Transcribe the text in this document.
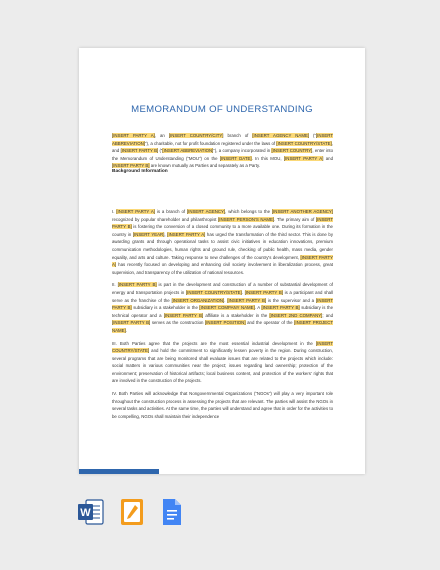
MEMORANDUM OF UNDERSTANDING
[INSERT PARTY A], an [INSERT COUNTRY/CITY] branch of [INSERT AGENCY NAME] (“[INSERT ABBREVIATION]”), a charitable, not for profit foundation registered under the laws of [INSERT COUNTRY/STATE], and [INSERT PARTY B] (“[INSERT ABBREVIATION]”), a company incorporated in [INSERT COUNTRY], enter into the Memorandum of Understanding (“MOU”) on the [INSERT DATE]. In this MOU, [INSERT PARTY A] and [INSERT PARTY B] are known mutually as Parties and separately as a Party.
Background Information

I. [INSERT PARTY A] is a branch of [INSERT AGENCY], which belongs to the [INSERT ANOTHER AGENCY] recognized by popular shareholder and philanthropist [INSERT PERSON'S NAME]. The primary aim of [INSERT PARTY B] is fostering the conversion of a closed community to a more available one. During its formation in the country in [INSERT YEAR], [INSERT PARTY A] has urged the transformation of the third sector. This is done by awarding grants and through operational tasks to assist civic initiatives in education innovations, premium communication methodologies, human rights and ground rule, checking of public health, mass media, gender equality, and arts and culture. Taking response to new challenges of the country's development, [INSERT PARTY A] has recently focused on developing and enhancing civil society involvement in liberalization process, great supervision, and transparency of the utilization of national resources.

II. [INSERT PARTY B] is part in the development and construction of a number of substantial development of energy and transportation projects in [INSERT COUNTRY/STATE]. [INSERT PARTY B] is a participant and shall serve as the franchise of the [INSERT ORGANIZATION]. [INSERT PARTY B] is the supervisor and a [INSERT PARTY B] subsidiary is a stakeholder in the [INSERT COMPANY NAME]. A [INSERT PARTY B] subsidiary is the technical operator and a [INSERT PARTY B] affiliate is a stakeholder in the [INSERT 2ND COMPANY]; and [INSERT PARTY B] serves as the construction [INSERT POSITION] and the operator of the [INSERT PROJECT NAME].

III. Both Parties agree that the projects are the most essential industrial development in the [INSERT COUNTRY/STATE] and hold the commitment to significantly lessen poverty in the region. During construction, several programs that are being monitored shall evaluate issues that are related to the projects which include: social matters in various communities near the project; issues regarding land ownership; protection of the environment; preservation of historical artifacts; local business content, and protection of the workers' rights that are involved in the construction of the projects.

IV. Both Parties will acknowledge that Nongovernmental Organizations (“NGOs”) will play a very important role throughout the construction process in assessing the projects that are relevant. The parties will assist the NGOs in several tasks and activities. At the same time, the parties will understand and agree that in order for the activities to be compelling, NGOs shall maintain their independence

W
